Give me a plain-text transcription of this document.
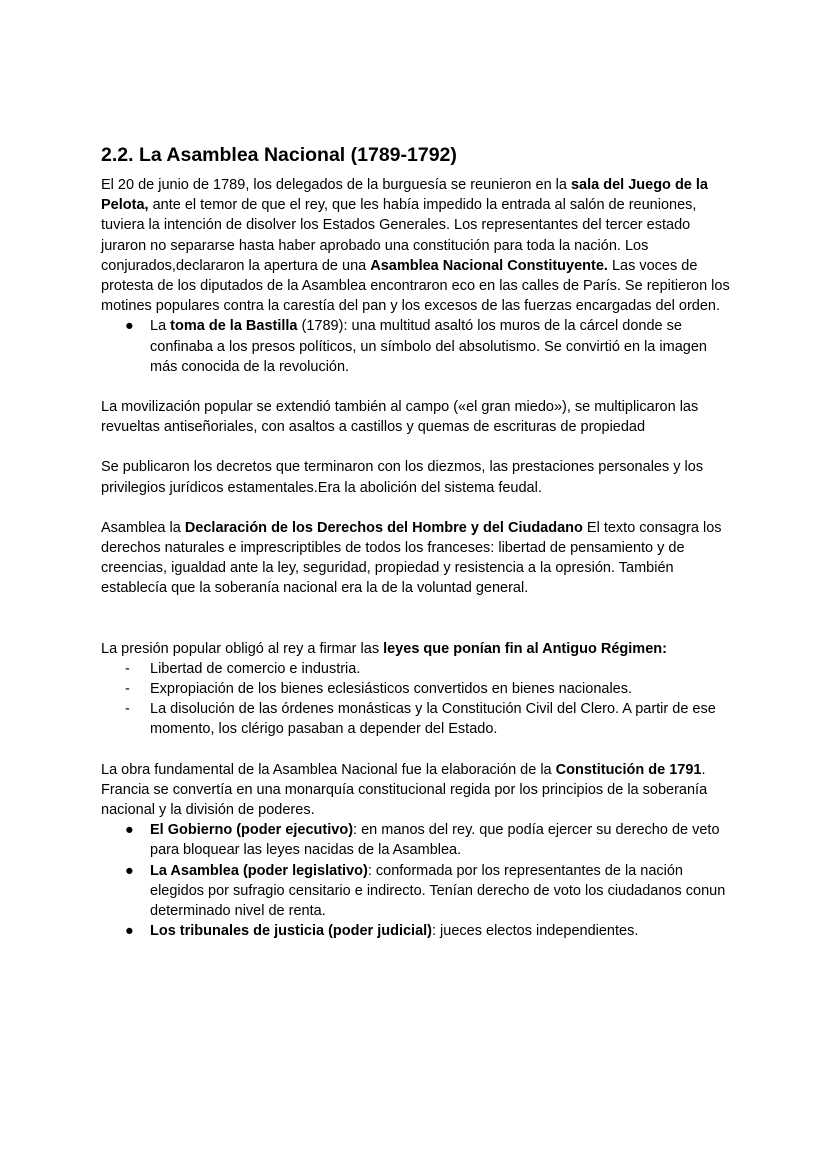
2.2. La Asamblea Nacional (1789-1792)

El 20 de junio de 1789, los delegados de la burguesía se reunieron en la sala del Juego de la Pelota, ante el temor de que el rey, que les había impedido la entrada al salón de reuniones, tuviera la intención de disolver los Estados Generales. Los representantes del tercer estado juraron no separarse hasta haber aprobado una constitución para toda la nación. Los conjurados,declararon la apertura de una Asamblea Nacional Constituyente. Las voces de protesta de los diputados de la Asamblea encontraron eco en las calles de París. Se repitieron los motines populares contra la carestía del pan y los excesos de las fuerzas encargadas del orden.

● La toma de la Bastilla (1789): una multitud asaltó los muros de la cárcel donde se confinaba a los presos políticos, un símbolo del absolutismo. Se convirtió en la imagen más conocida de la revolución.

La movilización popular se extendió también al campo («el gran miedo»), se multiplicaron las revueltas antiseñoriales, con asaltos a castillos y quemas de escrituras de propiedad

Se publicaron los decretos que terminaron con los diezmos, las prestaciones personales y los privilegios jurídicos estamentales.Era la abolición del sistema feudal.

Asamblea la Declaración de los Derechos del Hombre y del Ciudadano El texto consagra los derechos naturales e imprescriptibles de todos los franceses: libertad de pensamiento y de creencias, igualdad ante la ley, seguridad, propiedad y resistencia a la opresión. También establecía que la soberanía nacional era la de la voluntad general.

La presión popular obligó al rey a firmar las leyes que ponían fin al Antiguo Régimen:

- Libertad de comercio e industria.
- Expropiación de los bienes eclesiásticos convertidos en bienes nacionales.
- La disolución de las órdenes monásticas y la Constitución Civil del Clero. A partir de ese momento, los clérigo pasaban a depender del Estado.

La obra fundamental de la Asamblea Nacional fue la elaboración de la Constitución de 1791. Francia se convertía en una monarquía constitucional regida por los principios de la soberanía nacional y la división de poderes.

● El Gobierno (poder ejecutivo): en manos del rey. que podía ejercer su derecho de veto para bloquear las leyes nacidas de la Asamblea.
● La Asamblea (poder legislativo): conformada por los representantes de la nación elegidos por sufragio censitario e indirecto. Tenían derecho de voto los ciudadanos conun determinado nivel de renta.
● Los tribunales de justicia (poder judicial): jueces electos independientes.
